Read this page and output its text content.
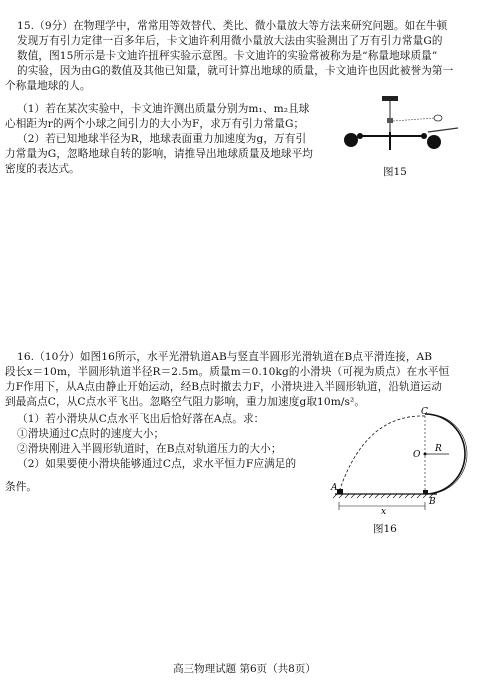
15.（9分）在物理学中，常常用等效替代、类比、微小量放大等方法来研究问题。如在牛顿
发现万有引力定律一百多年后，卡文迪许利用微小量放大法由实验测出了万有引力常量G的
数值，图15所示是卡文迪许扭秤实验示意图。卡文迪许的实验常被称为是“称量地球质量”
的实验，因为由G的数值及其他已知量，就可计算出地球的质量，卡文迪许也因此被誉为第一
个称量地球的人。
（1）若在某次实验中，卡文迪许测出质量分别为m₁、m₂且球
心相距为r的两个小球之间引力的大小为F，求万有引力常量G；
（2）若已知地球半径为R，地球表面重力加速度为g，万有引
力常量为G，忽略地球自转的影响，请推导出地球质量及地球平均
密度的表达式。	图15
16.（10分）如图16所示，水平光滑轨道AB与竖直半圆形光滑轨道在B点平滑连接，AB
段长x＝10m，半圆形轨道半径R＝2.5m。质量m＝0.10kg的小滑块（可视为质点）在水平恒
力F作用下，从A点由静止开始运动，经B点时撤去力F，小滑块进入半圆形轨道，沿轨道运动
到最高点C，从C点水平飞出。忽略空气阻力影响，重力加速度g取10m/s²。
（1）若小滑块从C点水平飞出后恰好落在A点。求：
①滑块通过C点时的速度大小；
②滑块刚进入半圆形轨道时，在B点对轨道压力的大小；
（2）如果要使小滑块能够通过C点，求水平恒力F应满足的
条件。	A
B
C
O
R
x
图16
高三物理试题 第6页（共8页）
